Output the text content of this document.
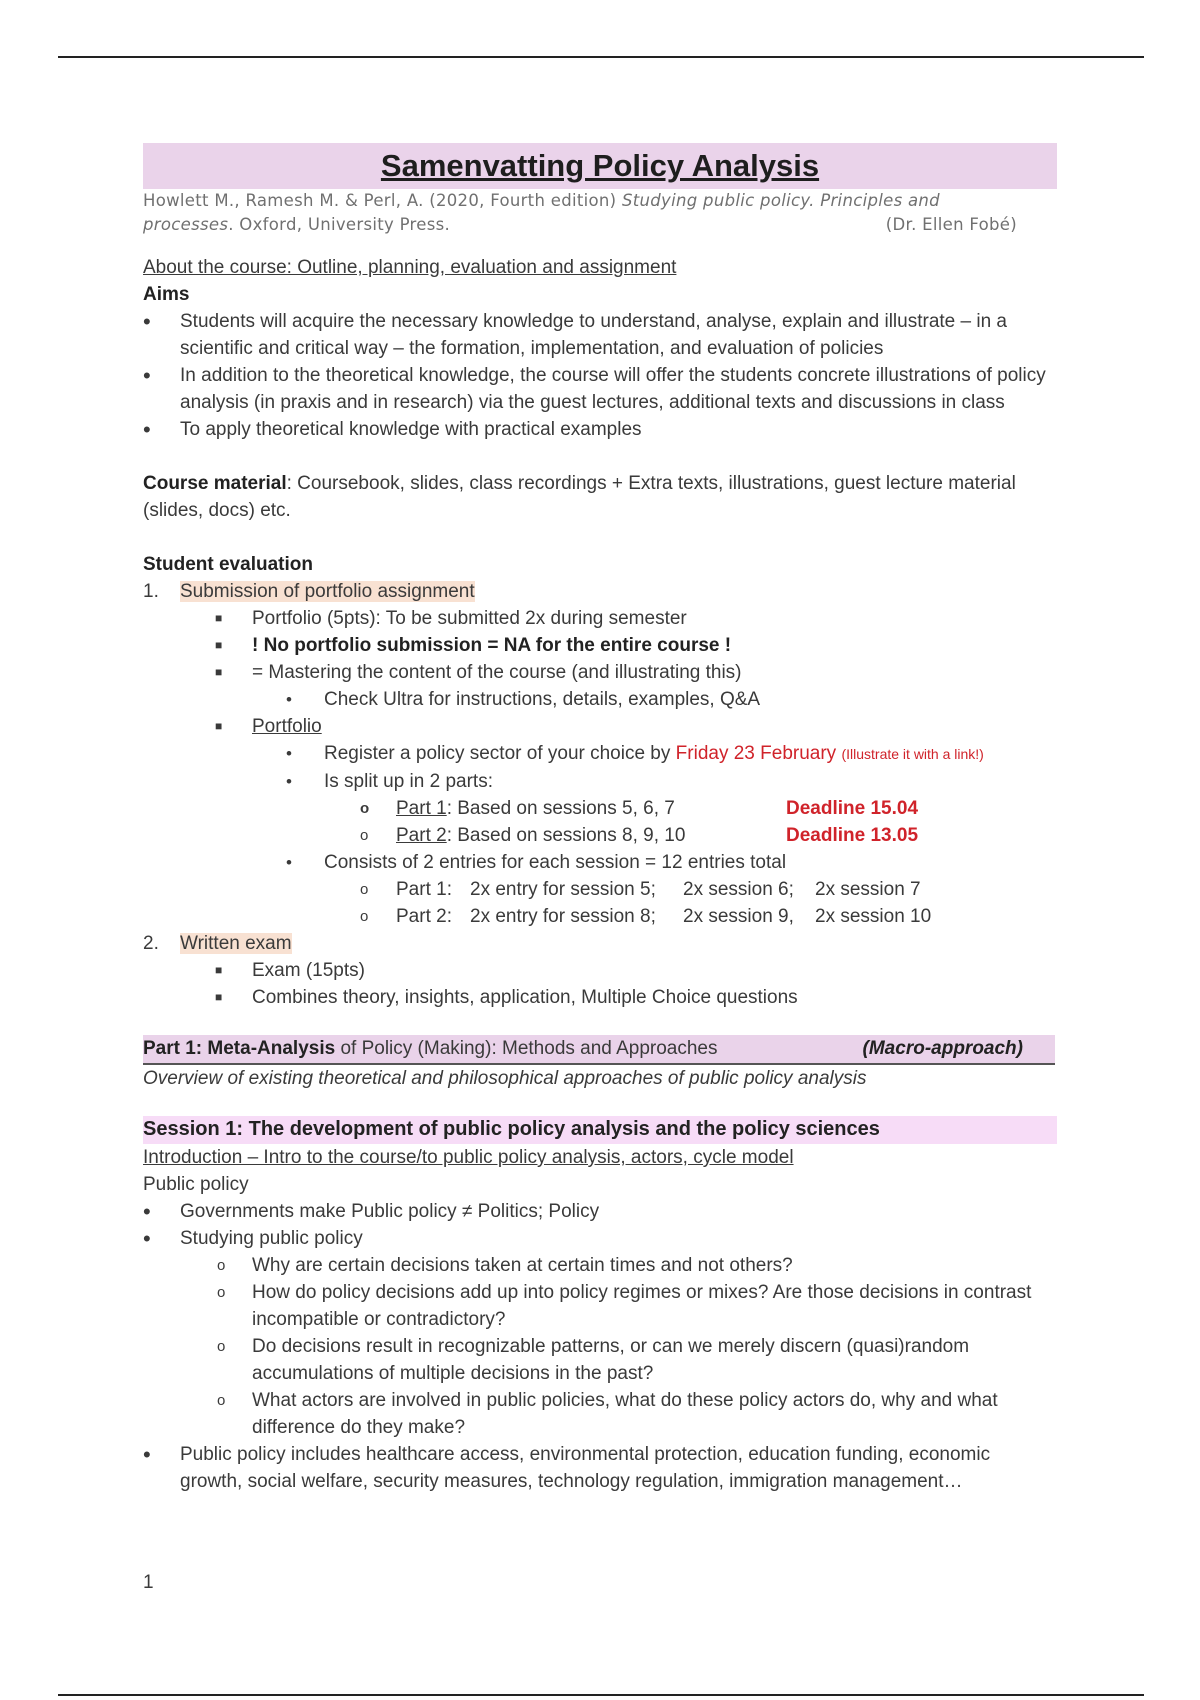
Samenvatting Policy Analysis
Howlett M., Ramesh M. & Perl, A. (2020, Fourth edition) Studying public policy. Principles and
processes. Oxford, University Press.	(Dr. Ellen Fobé)
About the course: Outline, planning, evaluation and assignment
Aims
•	Students will acquire the necessary knowledge to understand, analyse, explain and illustrate – in a scientific and critical way – the formation, implementation, and evaluation of policies
•	In addition to the theoretical knowledge, the course will offer the students concrete illustrations of policy analysis (in praxis and in research) via the guest lectures, additional texts and discussions in class
•	To apply theoretical knowledge with practical examples
Course material: Coursebook, slides, class recordings + Extra texts, illustrations, guest lecture material (slides, docs) etc.
Student evaluation
1. Submission of portfolio assignment
■ Portfolio (5pts): To be submitted 2x during semester
■ ! No portfolio submission = NA for the entire course !
■ = Mastering the content of the course (and illustrating this)
• Check Ultra for instructions, details, examples, Q&A
■ Portfolio
• Register a policy sector of your choice by Friday 23 February (Illustrate it with a link!)
• Is split up in 2 parts:
o Part 1: Based on sessions 5, 6, 7	Deadline 15.04
o Part 2: Based on sessions 8, 9, 10	Deadline 13.05
• Consists of 2 entries for each session = 12 entries total
o Part 1: 2x entry for session 5; 2x session 6; 2x session 7
o Part 2: 2x entry for session 8; 2x session 9, 2x session 10
2. Written exam
■ Exam (15pts)
■ Combines theory, insights, application, Multiple Choice questions
Part 1: Meta-Analysis of Policy (Making): Methods and Approaches	(Macro-approach)
Overview of existing theoretical and philosophical approaches of public policy analysis
Session 1: The development of public policy analysis and the policy sciences
Introduction – Intro to the course/to public policy analysis, actors, cycle model
Public policy
•	Governments make Public policy ≠ Politics; Policy
•	Studying public policy
o Why are certain decisions taken at certain times and not others?
o How do policy decisions add up into policy regimes or mixes? Are those decisions in contrast incompatible or contradictory?
o Do decisions result in recognizable patterns, or can we merely discern (quasi)random accumulations of multiple decisions in the past?
o What actors are involved in public policies, what do these policy actors do, why and what difference do they make?
•	Public policy includes healthcare access, environmental protection, education funding, economic growth, social welfare, security measures, technology regulation, immigration management…
1
